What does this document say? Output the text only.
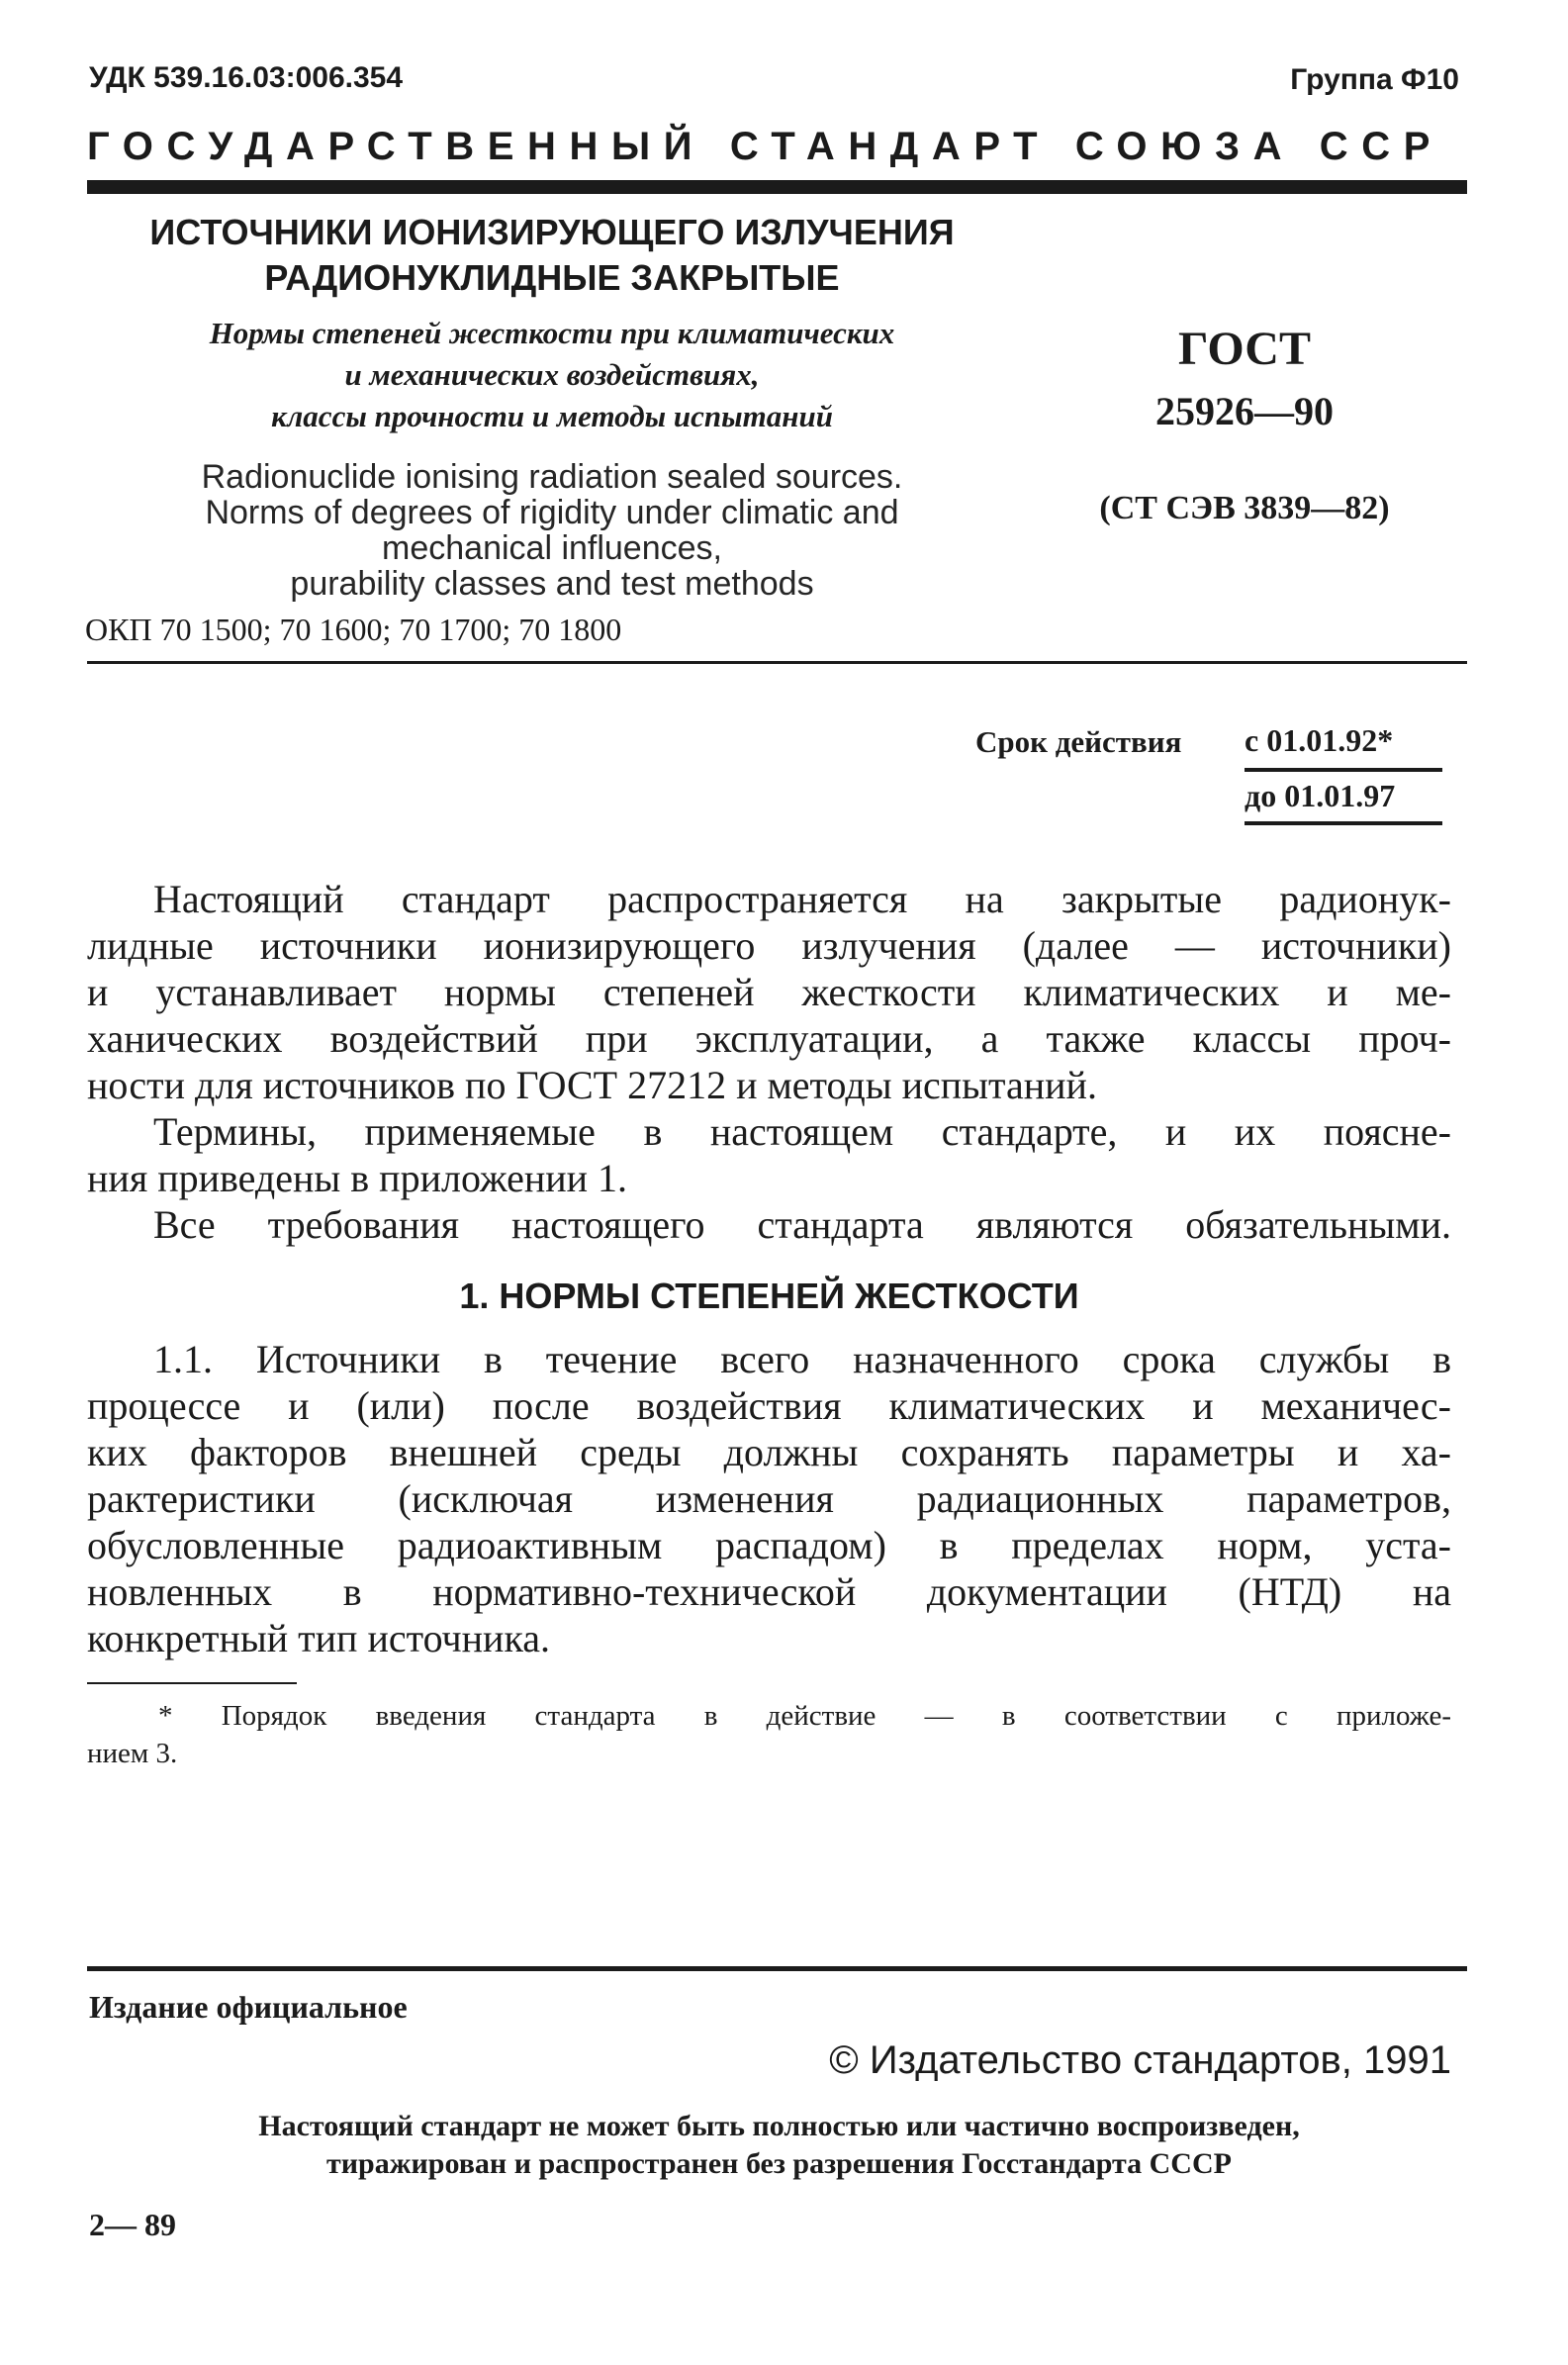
УДК 539.16.03:006.354	Группа Ф10
ГОСУДАРСТВЕННЫЙ СТАНДАРТ СОЮЗА ССР
ИСТОЧНИКИ ИОНИЗИРУЮЩЕГО ИЗЛУЧЕНИЯ
РАДИОНУКЛИДНЫЕ ЗАКРЫТЫЕ
Нормы степеней жесткости при климатических
и механических воздействиях,
классы прочности и методы испытаний
Radionuclide ionising radiation sealed sources.
Norms of degrees of rigidity under climatic and
mechanical influences,
purability classes and test methods
ОКП 70 1500; 70 1600; 70 1700; 70 1800
ГОСТ
25926—90
(СТ СЭВ 3839—82)
Срок действия с 01.01.92*
до 01.01.97
Настоящий стандарт распространяется на закрытые радионук-
лидные источники ионизирующего излучения (далее — источники)
и устанавливает нормы степеней жесткости климатических и ме-
ханических воздействий при эксплуатации, а также классы проч-
ности для источников по ГОСТ 27212 и методы испытаний.
Термины, применяемые в настоящем стандарте, и их поясне-
ния приведены в приложении 1.
Все требования настоящего стандарта являются обязательными.
1. НОРМЫ СТЕПЕНЕЙ ЖЕСТКОСТИ
1.1. Источники в течение всего назначенного срока службы в
процессе и (или) после воздействия климатических и механичес-
ких факторов внешней среды должны сохранять параметры и ха-
рактеристики (исключая изменения радиационных параметров,
обусловленные радиоактивным распадом) в пределах норм, уста-
новленных в нормативно-технической документации (НТД) на
конкретный тип источника.
* Порядок введения стандарта в действие — в соответствии с приложе-
нием 3.
Издание официальное
© Издательство стандартов, 1991
Настоящий стандарт не может быть полностью или частично воспроизведен,
тиражирован и распространен без разрешения Госстандарта СССР
2— 89
